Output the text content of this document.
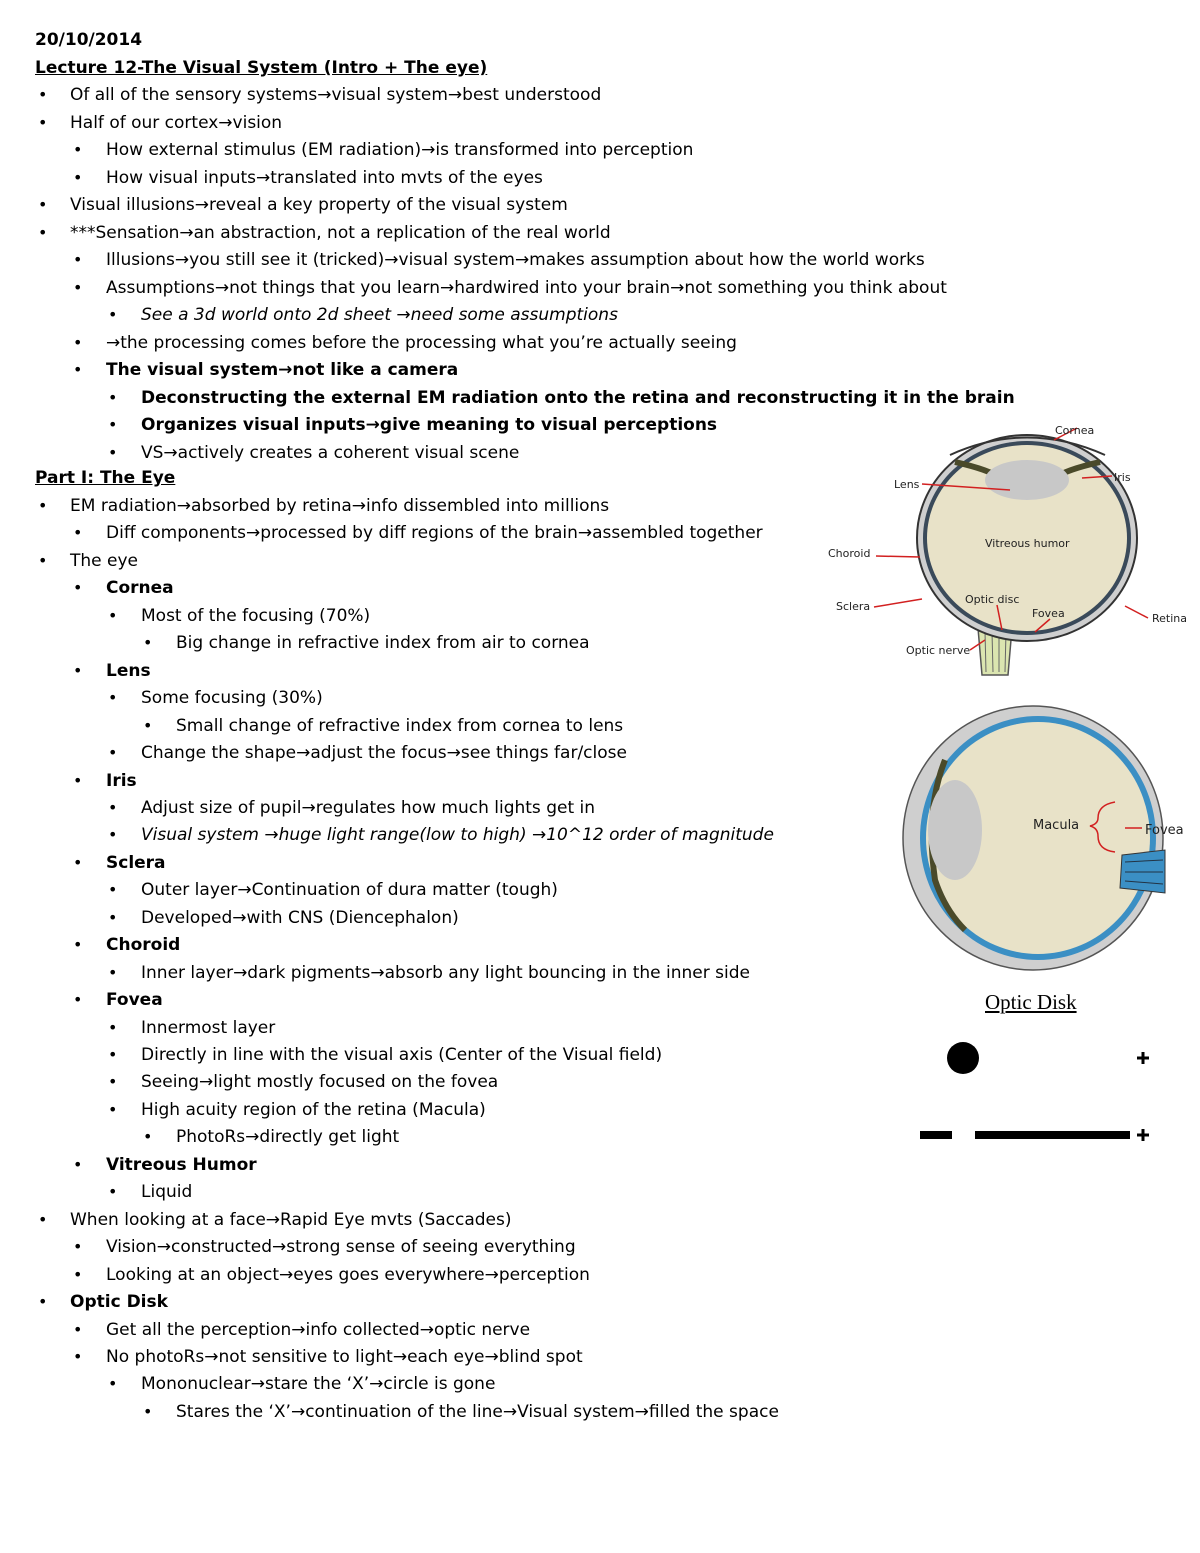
20/10/2014
Lecture 12-The Visual System (Intro + The eye)
Part I: The Eye
• Of all of the sensory systems→visual system→best understood
• Half of our cortex→vision
• How external stimulus (EM radiation)→is transformed into perception
• How visual inputs→translated into mvts of the eyes
• Visual illusions→reveal a key property of the visual system
• ***Sensation→an abstraction, not a replication of the real world
• Illusions→you still see it (tricked)→visual system→makes assumption about how the world works
• Assumptions→not things that you learn→hardwired into your brain→not something you think about
• See a 3d world onto 2d sheet →need some assumptions
• →the processing comes before the processing what you’re actually seeing
• The visual system→not like a camera
• Deconstructing the external EM radiation onto the retina and reconstructing it in the brain
• Organizes visual inputs→give meaning to visual perceptions
• VS→actively creates a coherent visual scene
• EM radiation→absorbed by retina→info dissembled into millions
• Diff components→processed by diff regions of the brain→assembled together
• The eye
• Cornea
• Most of the focusing (70%)
• Big change in refractive index from air to cornea
• Lens
• Some focusing (30%)
• Small change of refractive index from cornea to lens
• Change the shape→adjust the focus→see things far/close
• Iris
• Adjust size of pupil→regulates how much lights get in
• Visual system →huge light range(low to high) →10^12 order of magnitude
• Sclera
• Outer layer→Continuation of dura matter (tough)
• Developed→with CNS (Diencephalon)
• Choroid
• Inner layer→dark pigments→absorb any light bouncing in the inner side
• Fovea
• Innermost layer
• Directly in line with the visual axis (Center of the Visual field)
• Seeing→light mostly focused on the fovea
• High acuity region of the retina (Macula)
• PhotoRs→directly get light
• Vitreous Humor
• Liquid
• When looking at a face→Rapid Eye mvts (Saccades)
• Vision→constructed→strong sense of seeing everything
• Looking at an object→eyes goes everywhere→perception
• Optic Disk
• Get all the perception→info collected→optic nerve
• No photoRs→not sensitive to light→each eye→blind spot
• Mononuclear→stare the ‘X’→circle is gone
• Stares the ‘X’→continuation of the line→Visual system→filled the space
Cornea
Iris
Lens
Vitreous humor
Choroid
Sclera
Optic disc
Fovea	Retina
Optic nerve
Macula	Fovea
Optic Disk
